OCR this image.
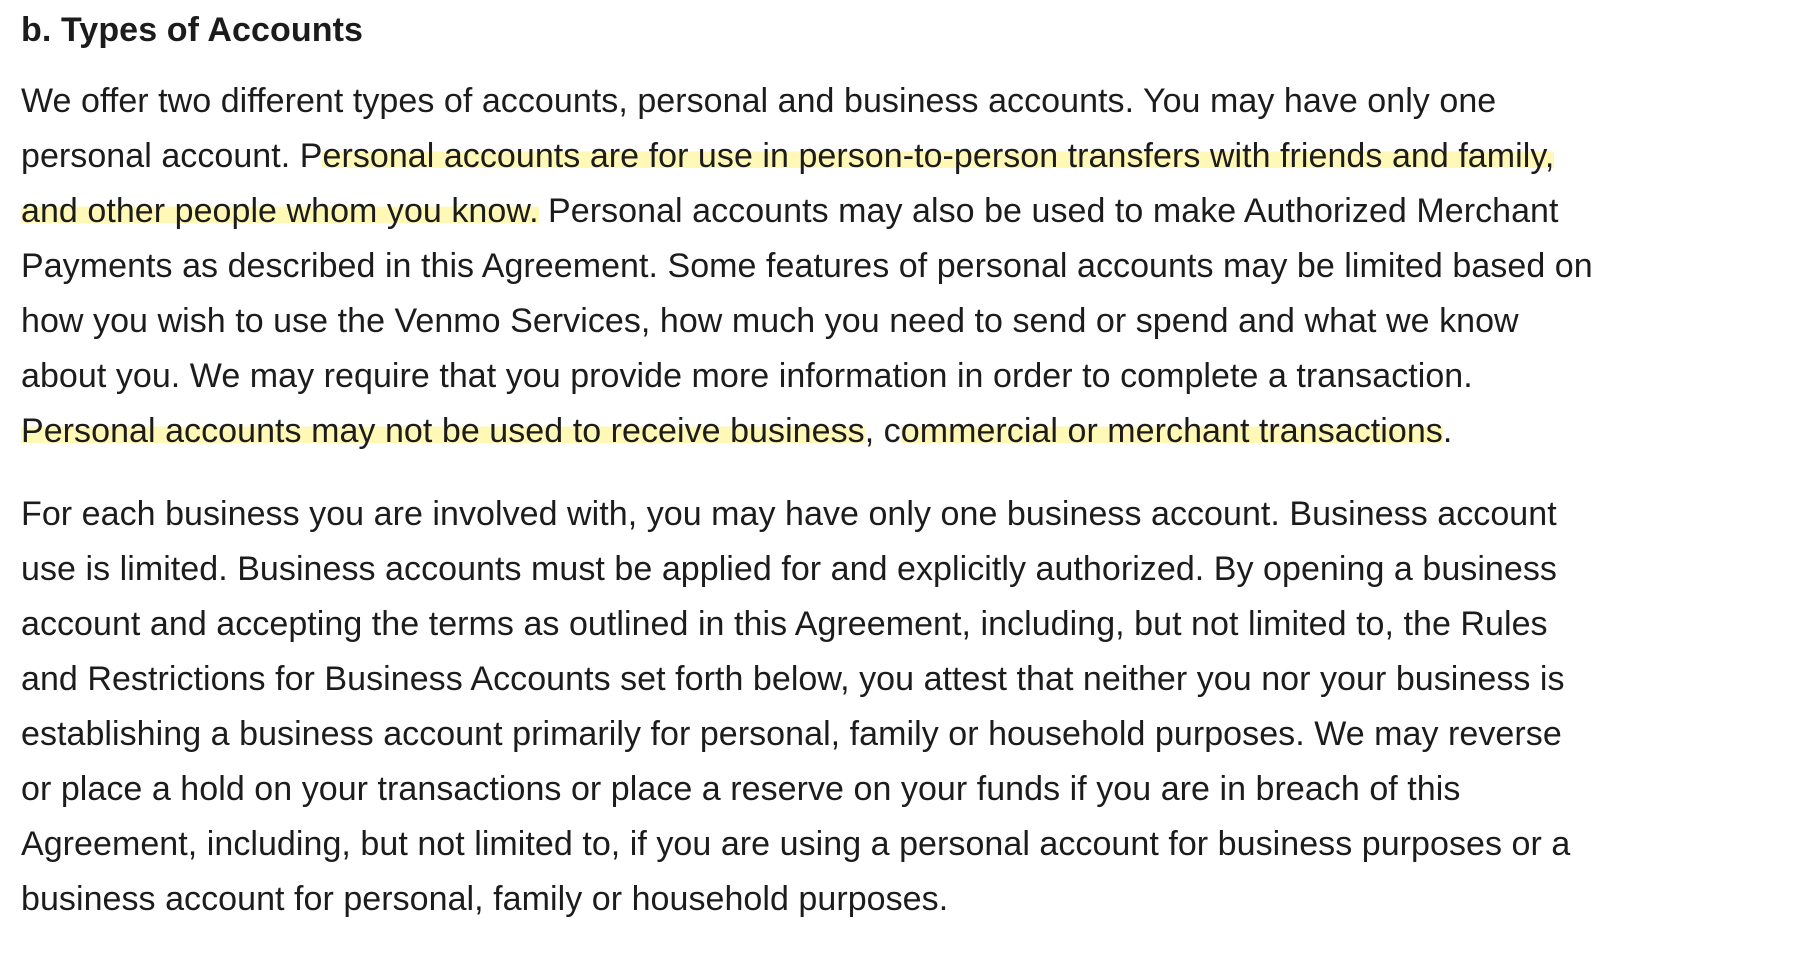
b. Types of Accounts

We offer two different types of accounts, personal and business accounts. You may have only one
personal account. Personal accounts are for use in person-to-person transfers with friends and family,
and other people whom you know. Personal accounts may also be used to make Authorized Merchant
Payments as described in this Agreement. Some features of personal accounts may be limited based on
how you wish to use the Venmo Services, how much you need to send or spend and what we know
about you. We may require that you provide more information in order to complete a transaction.
Personal accounts may not be used to receive business, commercial or merchant transactions.

For each business you are involved with, you may have only one business account. Business account
use is limited. Business accounts must be applied for and explicitly authorized. By opening a business
account and accepting the terms as outlined in this Agreement, including, but not limited to, the Rules
and Restrictions for Business Accounts set forth below, you attest that neither you nor your business is
establishing a business account primarily for personal, family or household purposes. We may reverse
or place a hold on your transactions or place a reserve on your funds if you are in breach of this
Agreement, including, but not limited to, if you are using a personal account for business purposes or a
business account for personal, family or household purposes.
